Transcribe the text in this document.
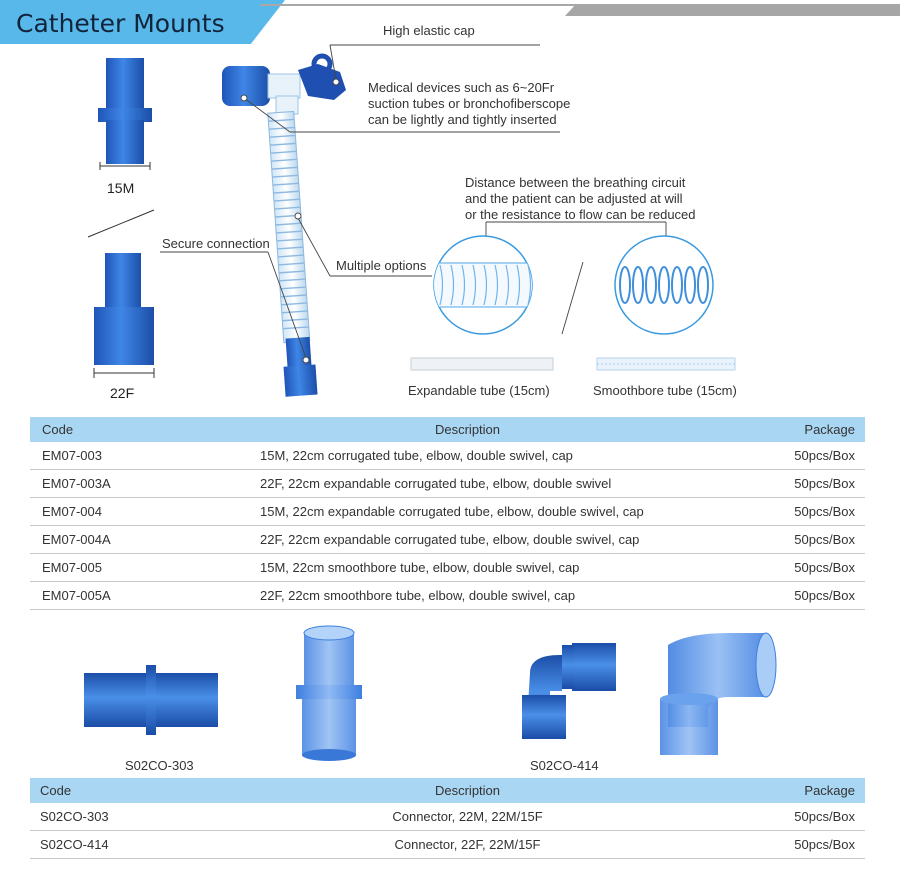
Catheter Mounts	High elastic cap
Medical devices such as 6~20Fr
suction tubes or bronchofiberscope
can be lightly and tightly inserted
Secure connection
Multiple options
Distance between the breathing circuit
and the patient can be adjusted at will
or the resistance to flow can be reduced
15M
22F	Expandable tube (15cm)	Smoothbore tube (15cm)
Code	Description	Package
EM07-003	15M, 22cm corrugated tube, elbow, double swivel, cap	50pcs/Box
EM07-003A	22F, 22cm expandable corrugated tube, elbow, double swivel	50pcs/Box
EM07-004	15M, 22cm expandable corrugated tube, elbow, double swivel, cap	50pcs/Box
EM07-004A	22F, 22cm expandable corrugated tube, elbow, double swivel, cap	50pcs/Box
EM07-005	15M, 22cm smoothbore tube, elbow, double swivel, cap	50pcs/Box
EM07-005A	22F, 22cm smoothbore tube, elbow, double swivel, cap	50pcs/Box
S02CO-303	S02CO-414
Code	Description	Package
S02CO-303	Connector, 22M, 22M/15F	50pcs/Box
S02CO-414	Connector, 22F, 22M/15F	50pcs/Box
